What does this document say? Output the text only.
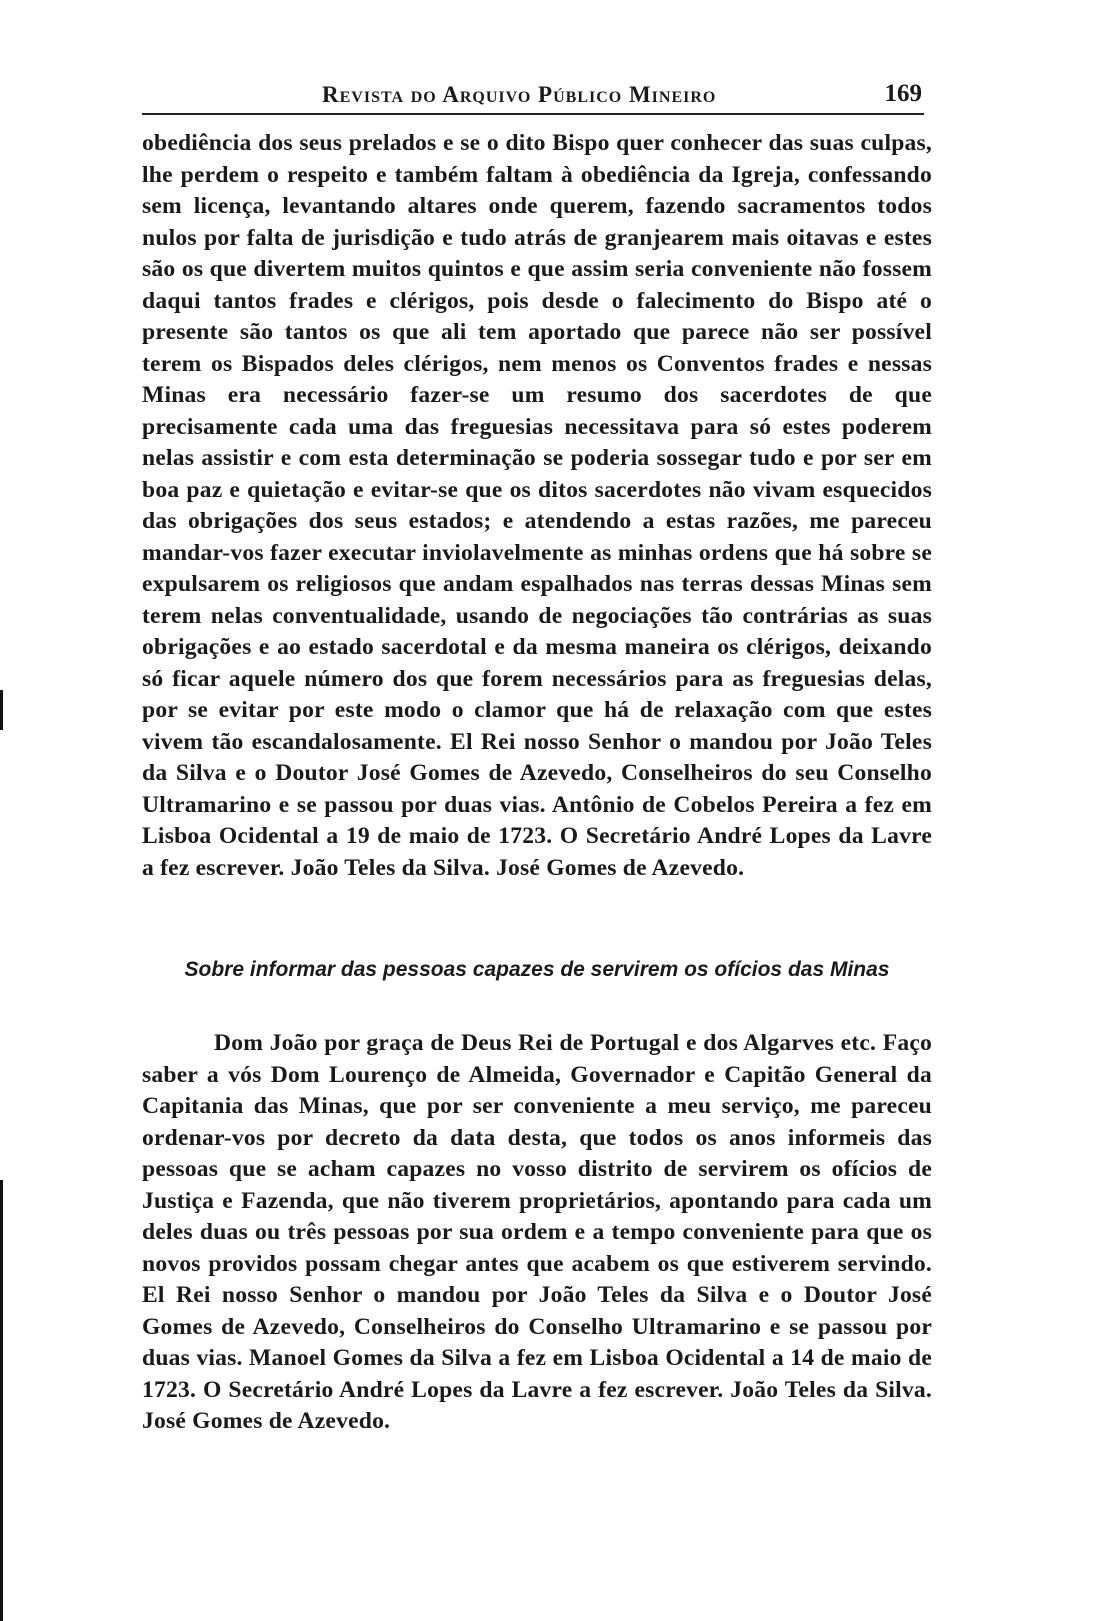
Revista do Arquivo Público Mineiro	169

obediência dos seus prelados e se o dito Bispo quer conhecer das suas culpas, lhe perdem o respeito e também faltam à obediência da Igreja, confessando sem licença, levantando altares onde querem, fazendo sacramentos todos nulos por falta de jurisdição e tudo atrás de granjearem mais oitavas e estes são os que divertem muitos quintos e que assim seria conveniente não fossem daqui tantos frades e clérigos, pois desde o falecimento do Bispo até o presente são tantos os que ali tem aportado que parece não ser possível terem os Bispados deles clérigos, nem menos os Conventos frades e nessas Minas era necessário fazer-se um resumo dos sacerdotes de que precisamente cada uma das freguesias necessitava para só estes poderem nelas assistir e com esta determinação se poderia sossegar tudo e por ser em boa paz e quietação e evitar-se que os ditos sacerdotes não vivam esquecidos das obrigações dos seus estados; e atendendo a estas razões, me pareceu mandar-vos fazer executar inviolavelmente as minhas ordens que há sobre se expulsarem os religiosos que andam espalhados nas terras dessas Minas sem terem nelas conventualidade, usando de negociações tão contrárias as suas obrigações e ao estado sacerdotal e da mesma maneira os clérigos, deixando só ficar aquele número dos que forem necessários para as freguesias delas, por se evitar por este modo o clamor que há de relaxação com que estes vivem tão escandalosamente. El Rei nosso Senhor o mandou por João Teles da Silva e o Doutor José Gomes de Azevedo, Conselheiros do seu Conselho Ultramarino e se passou por duas vias. Antônio de Cobelos Pereira a fez em Lisboa Ocidental a 19 de maio de 1723. O Secretário André Lopes da Lavre a fez escrever. João Teles da Silva. José Gomes de Azevedo.

Sobre informar das pessoas capazes de servirem os ofícios das Minas

Dom João por graça de Deus Rei de Portugal e dos Algarves etc. Faço saber a vós Dom Lourenço de Almeida, Governador e Capitão General da Capitania das Minas, que por ser conveniente a meu serviço, me pareceu ordenar-vos por decreto da data desta, que todos os anos informeis das pessoas que se acham capazes no vosso distrito de servirem os ofícios de Justiça e Fazenda, que não tiverem proprietários, apontando para cada um deles duas ou três pessoas por sua ordem e a tempo conveniente para que os novos providos possam chegar antes que acabem os que estiverem servindo. El Rei nosso Senhor o mandou por João Teles da Silva e o Doutor José Gomes de Azevedo, Conselheiros do Conselho Ultramarino e se passou por duas vias. Manoel Gomes da Silva a fez em Lisboa Ocidental a 14 de maio de 1723. O Secretário André Lopes da Lavre a fez escrever. João Teles da Silva. José Gomes de Azevedo.
